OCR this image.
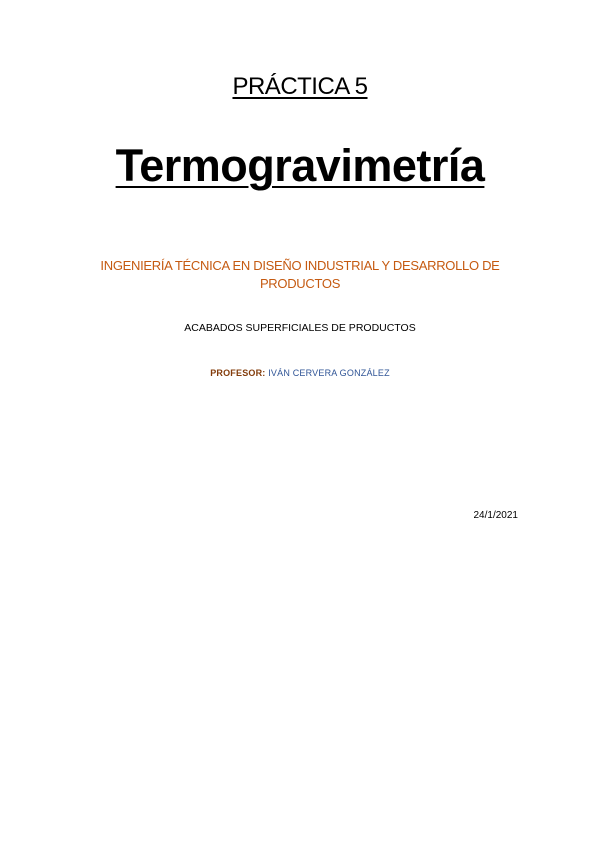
PRÁCTICA 5
Termogravimetría
INGENIERÍA TÉCNICA EN DISEÑO INDUSTRIAL Y DESARROLLO DE PRODUCTOS
ACABADOS SUPERFICIALES DE PRODUCTOS
PROFESOR: IVÁN CERVERA GONZÁLEZ
24/1/2021
